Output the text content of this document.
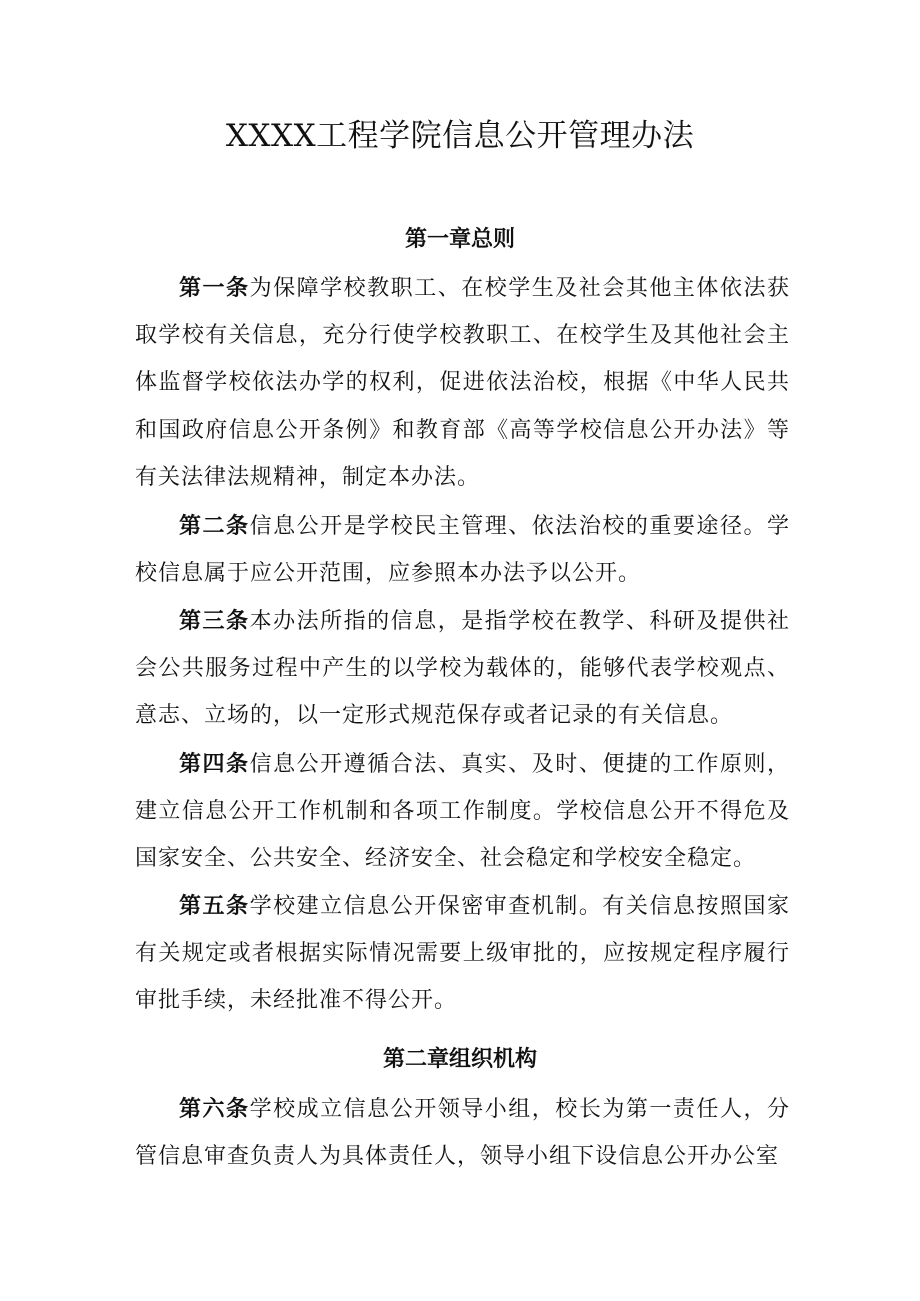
XXXX工程学院信息公开管理办法
第一章总则

第一条为保障学校教职工、在校学生及社会其他主体依法获取学校有关信息，充分行使学校教职工、在校学生及其他社会主体监督学校依法办学的权利，促进依法治校，根据《中华人民共和国政府信息公开条例》和教育部《高等学校信息公开办法》等有关法律法规精神，制定本办法。

第二条信息公开是学校民主管理、依法治校的重要途径。学校信息属于应公开范围，应参照本办法予以公开。

第三条本办法所指的信息，是指学校在教学、科研及提供社会公共服务过程中产生的以学校为载体的，能够代表学校观点、意志、立场的，以一定形式规范保存或者记录的有关信息。

第四条信息公开遵循合法、真实、及时、便捷的工作原则，建立信息公开工作机制和各项工作制度。学校信息公开不得危及国家安全、公共安全、经济安全、社会稳定和学校安全稳定。

第五条学校建立信息公开保密审查机制。有关信息按照国家有关规定或者根据实际情况需要上级审批的，应按规定程序履行审批手续，未经批准不得公开。

第二章组织机构

第六条学校成立信息公开领导小组，校长为第一责任人，分管信息审查负责人为具体责任人，领导小组下设信息公开办公室
